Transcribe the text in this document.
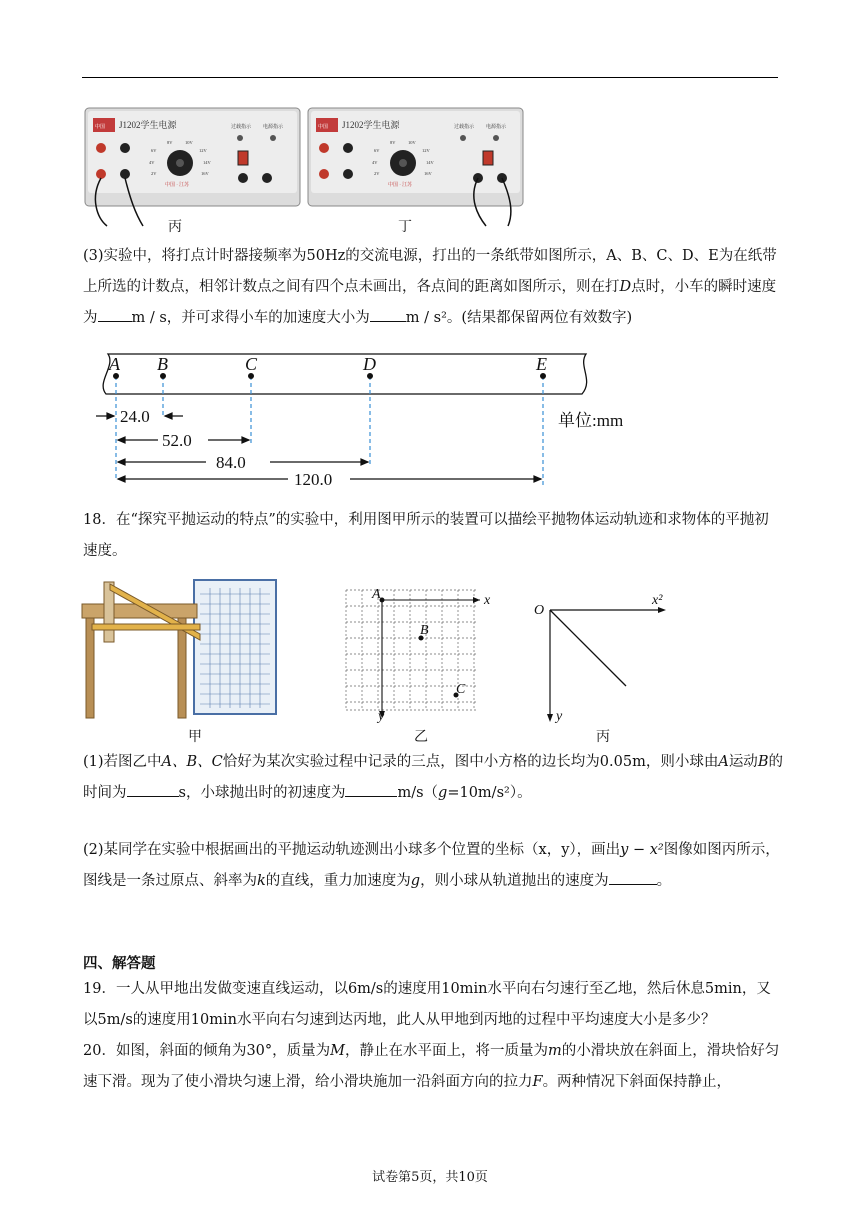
中国 J1202学生电源	过载指示 电源指示
6V
8V	10V
12V
4V	14V
2V	16V
中国 · 江苏
丙
中国 J1202学生电源	过载指示 电源指示
6V
8V	10V
12V
4V	14V
2V	16V
中国 · 江苏
丁

(3)实验中，将打点计时器接频率为50Hz的交流电源，打出的一条纸带如图所示，A、B、C、D、E为在纸带上所选的计数点，相邻计数点之间有四个点未画出，各点间的距离如图所示，则在打D点时，小车的瞬时速度为 m / s，并可求得小车的加速度大小为 m / s²。(结果都保留两位有效数字)

A B	C	D	E
24.0
52.0
84.0
120.0
单位:mm

18．在“探究平抛运动的特点”的实验中，利用图甲所示的装置可以描绘平抛物体运动轨迹和求物体的平抛初速度。

甲
A
B
C
x
y
乙
O
x²
y
丙

(1)若图乙中A、B、C恰好为某次实验过程中记录的三点，图中小方格的边长均为0.05m，则小球由A运动B的时间为	s，小球抛出时的初速度为	m/s（g=10m/s²）。

(2)某同学在实验中根据画出的平抛运动轨迹测出小球多个位置的坐标（x，y），画出y − x²图像如图丙所示，图线是一条过原点、斜率为k的直线，重力加速度为g，则小球从轨道抛出的速度为	。

四、解答题

19．一人从甲地出发做变速直线运动，以6m/s的速度用10min水平向右匀速行至乙地，然后休息5min，又以5m/s的速度用10min水平向右匀速到达丙地，此人从甲地到丙地的过程中平均速度大小是多少？

20．如图，斜面的倾角为30°，质量为M，静止在水平面上，将一质量为m的小滑块放在斜面上，滑块恰好匀速下滑。现为了使小滑块匀速上滑，给小滑块施加一沿斜面方向的拉力F。两种情况下斜面保持静止，

试卷第5页，共10页
